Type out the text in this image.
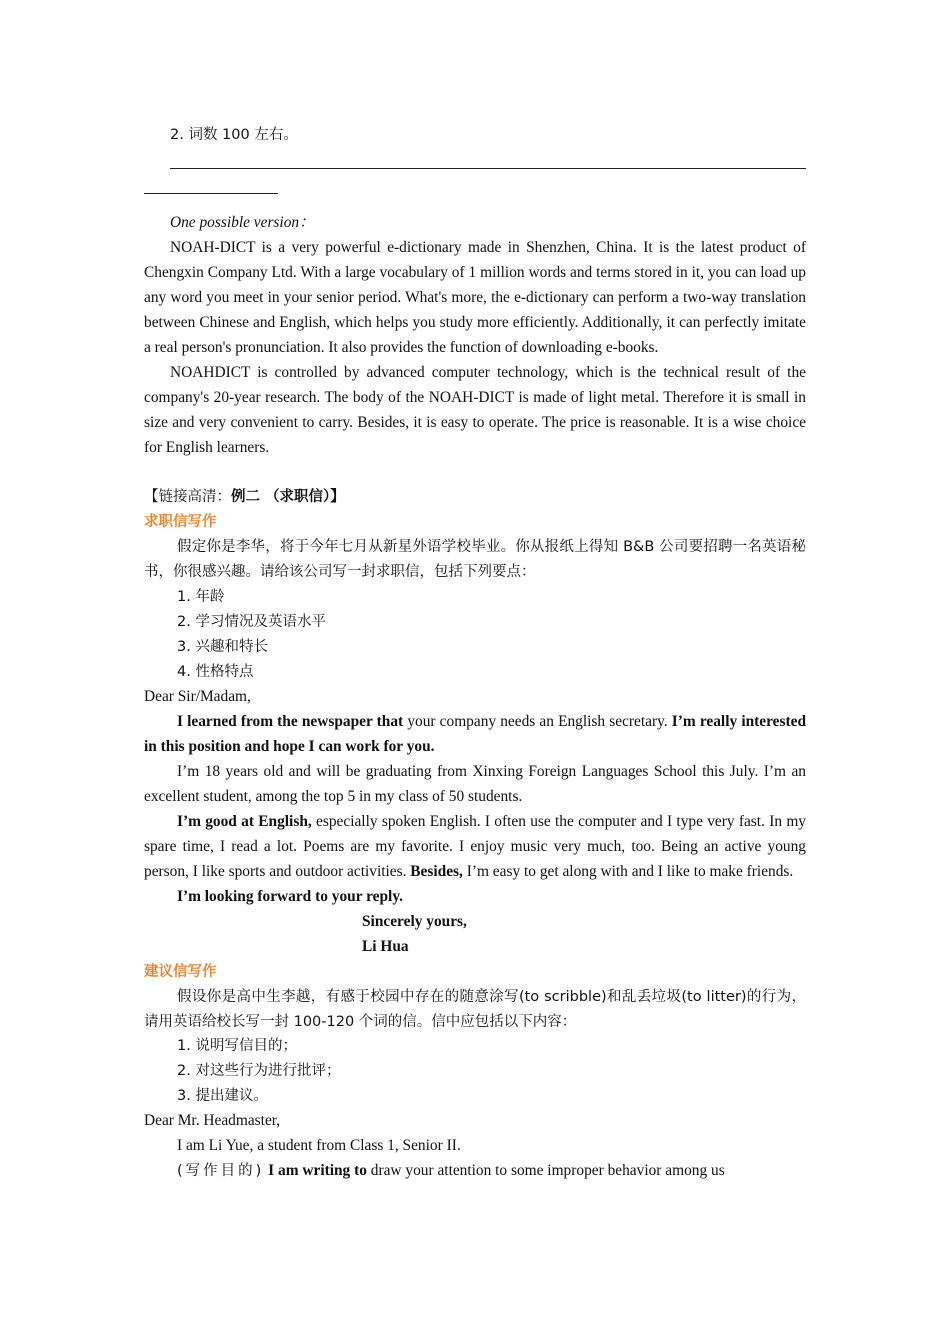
2. 词数 100 左右。

One possible version：

NOAH-DICT is a very powerful e-dictionary made in Shenzhen, China. It is the latest product of Chengxin Company Ltd. With a large vocabulary of 1 million words and terms stored in it, you can load up any word you meet in your senior period. What's more, the e-dictionary can perform a two-way translation between Chinese and English, which helps you study more efficiently. Additionally, it can perfectly imitate a real person's pronunciation. It also provides the function of downloading e-books.

NOAHDICT is controlled by advanced computer technology, which is the technical result of the company's 20-year research. The body of the NOAH-DICT is made of light metal. Therefore it is small in size and very convenient to carry. Besides, it is easy to operate. The price is reasonable. It is a wise choice for English learners.

【链接高清：例二 （求职信）】

求职信写作

假定你是李华，将于今年七月从新星外语学校毕业。你从报纸上得知 B&B 公司要招聘一名英语秘书，你很感兴趣。请给该公司写一封求职信，包括下列要点：

1. 年龄

2. 学习情况及英语水平

3. 兴趣和特长

4. 性格特点

Dear Sir/Madam,

I learned from the newspaper that your company needs an English secretary. I’m really interested in this position and hope I can work for you.

I’m 18 years old and will be graduating from Xinxing Foreign Languages School this July. I’m an excellent student, among the top 5 in my class of 50 students.

I’m good at English, especially spoken English. I often use the computer and I type very fast. In my spare time, I read a lot. Poems are my favorite. I enjoy music very much, too. Being an active young person, I like sports and outdoor activities. Besides, I’m easy to get along with and I like to make friends.

I’m looking forward to your reply.

Sincerely yours,

Li Hua

建议信写作

假设你是高中生李越，有感于校园中存在的随意涂写(to scribble)和乱丢垃圾(to litter)的行为，请用英语给校长写一封 100-120 个词的信。信中应包括以下内容：

1. 说明写信目的；

2. 对这些行为进行批评；

3. 提出建议。

Dear Mr. Headmaster,

I am Li Yue, a student from Class 1, Senior II.

(写作目的) I am writing to draw your attention to some improper behavior among us
